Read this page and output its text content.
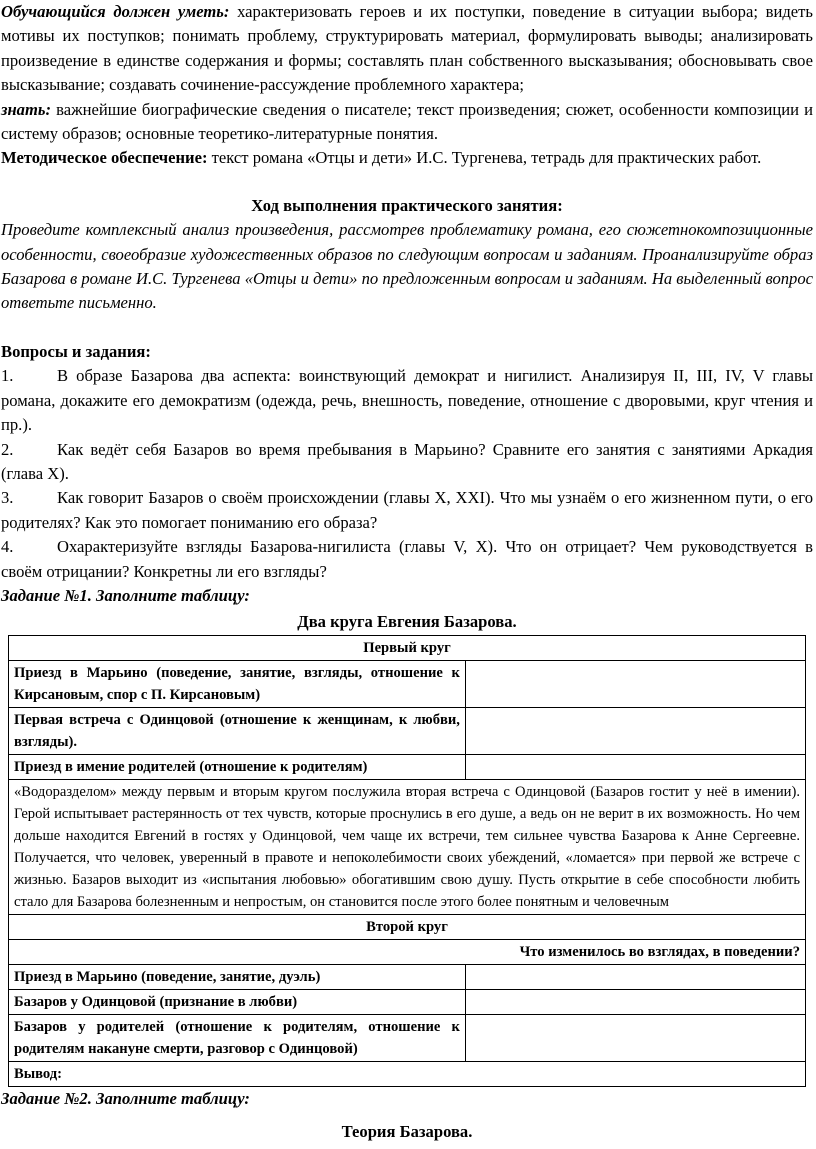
Обучающийся должен уметь: характеризовать героев и их поступки, поведение в ситуации выбора; видеть мотивы их поступков; понимать проблему, структурировать материал, формулировать выводы; анализировать произведение в единстве содержания и формы; составлять план собственного высказывания; обосновывать свое высказывание; создавать сочинение-рассуждение проблемного характера;

знать: важнейшие биографические сведения о писателе; текст произведения; сюжет, особенности композиции и систему образов; основные теоретико-литературные понятия.

Методическое обеспечение: текст романа «Отцы и дети» И.С. Тургенева, тетрадь для практических работ.

Ход выполнения практического занятия:

Проведите комплексный анализ произведения, рассмотрев проблематику романа, его сюжетнокомпозиционные особенности, своеобразие художественных образов по следующим вопросам и заданиям. Проанализируйте образ Базарова в романе И.С. Тургенева «Отцы и дети» по предложенным вопросам и заданиям. На выделенный вопрос ответьте письменно.

Вопросы и задания:

1.	В образе Базарова два аспекта: воинствующий демократ и нигилист. Анализируя II, III, IV, V главы романа, докажите его демократизм (одежда, речь, внешность, поведение, отношение с дворовыми, круг чтения и пр.).

2.	Как ведёт себя Базаров во время пребывания в Марьино? Сравните его занятия с занятиями Аркадия (глава X).

3.	Как говорит Базаров о своём происхождении (главы X, XXI). Что мы узнаём о его жизненном пути, о его родителях? Как это помогает пониманию его образа?

4.	Охарактеризуйте взгляды Базарова-нигилиста (главы V, X). Что он отрицает? Чем руководствуется в своём отрицании? Конкретны ли его взгляды?

Задание №1. Заполните таблицу:

Два круга Евгения Базарова.

Первый круг	
Приезд в Марьино (поведение, занятие, взгляды, отношение к Кирсановым, спор с П. Кирсановым)	
Первая встреча с Одинцовой (отношение к женщинам, к любви, взгляды).	
Приезд в имение родителей (отношение к родителям)	
«Водоразделом» между первым и вторым кругом послужила вторая встреча с Одинцовой (Базаров гостит у неё в имении). Герой испытывает растерянность от тех чувств, которые проснулись в его душе, а ведь он не верит в их возможность. Но чем дольше находится Евгений в гостях у Одинцовой, чем чаще их встречи, тем сильнее чувства Базарова к Анне Сергеевне. Получается, что человек, уверенный в правоте и непоколебимости своих убеждений, «ломается» при первой же встрече с жизнью. Базаров выходит из «испытания любовью» обогатившим свою душу. Пусть открытие в себе способности любить стало для Базарова болезненным и непростым, он становится после этого более понятным и человечным	
Второй круг	
Что изменилось во взглядах, в поведении?	
Приезд в Марьино (поведение, занятие, дуэль)	
Базаров у Одинцовой (признание в любви)	
Базаров у родителей (отношение к родителям, отношение к родителям накануне смерти, разговор с Одинцовой)	
Вывод:	

Задание №2. Заполните таблицу:

Теория Базарова.
